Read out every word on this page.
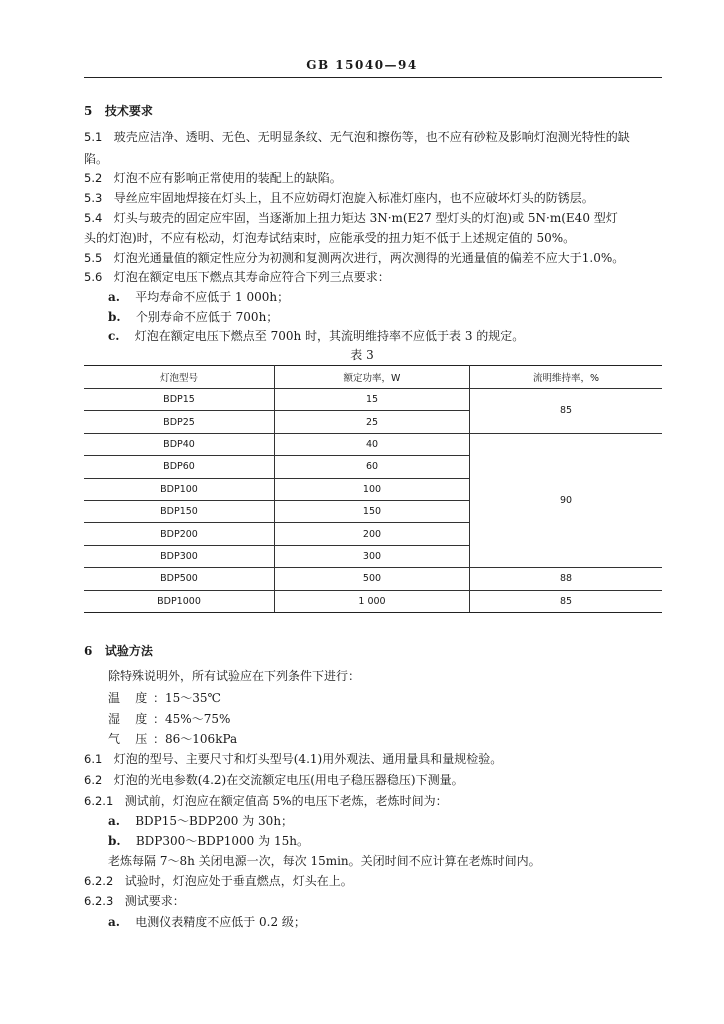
GB 15040—94
5 技术要求
5.1 玻壳应洁净、透明、无色、无明显条纹、无气泡和擦伤等，也不应有砂粒及影响灯泡测光特性的缺
陷。
5.2 灯泡不应有影响正常使用的装配上的缺陷。
5.3 导丝应牢固地焊接在灯头上，且不应妨碍灯泡旋入标准灯座内，也不应破坏灯头的防锈层。
5.4 灯头与玻壳的固定应牢固，当逐渐加上扭力矩达 3N·m(E27 型灯头的灯泡)或 5N·m(E40 型灯
头的灯泡)时，不应有松动，灯泡寿试结束时，应能承受的扭力矩不低于上述规定值的 50%。
5.5 灯泡光通量值的额定性应分为初测和复测两次进行，两次测得的光通量值的偏差不应大于1.0%。
5.6 灯泡在额定电压下燃点其寿命应符合下列三点要求：
a. 平均寿命不应低于 1 000h；
b. 个别寿命不应低于 700h；
c. 灯泡在额定电压下燃点至 700h 时，其流明维持率不应低于表 3 的规定。
表 3
灯泡型号	额定功率，W	流明维持率，%
BDP15	15	85
BDP25	25	
BDP40	40	90
BDP60	60	
BDP100	100	
BDP150	150	
BDP200	200	
BDP300	300	
BDP500	500	88
BDP1000	1 000	85
6 试验方法
除特殊说明外，所有试验应在下列条件下进行：
温    度 ：15～35℃
湿    度 ：45%～75%
气    压 ：86～106kPa
6.1 灯泡的型号、主要尺寸和灯头型号(4.1)用外观法、通用量具和量规检验。
6.2 灯泡的光电参数(4.2)在交流额定电压(用电子稳压器稳压)下测量。
6.2.1 测试前，灯泡应在额定值高 5%的电压下老炼，老炼时间为：
a. BDP15～BDP200 为 30h；
b. BDP300～BDP1000 为 15h。
老炼每隔 7～8h 关闭电源一次，每次 15min。关闭时间不应计算在老炼时间内。
6.2.2 试验时，灯泡应处于垂直燃点，灯头在上。
6.2.3 测试要求：
a. 电测仪表精度不应低于 0.2 级；
